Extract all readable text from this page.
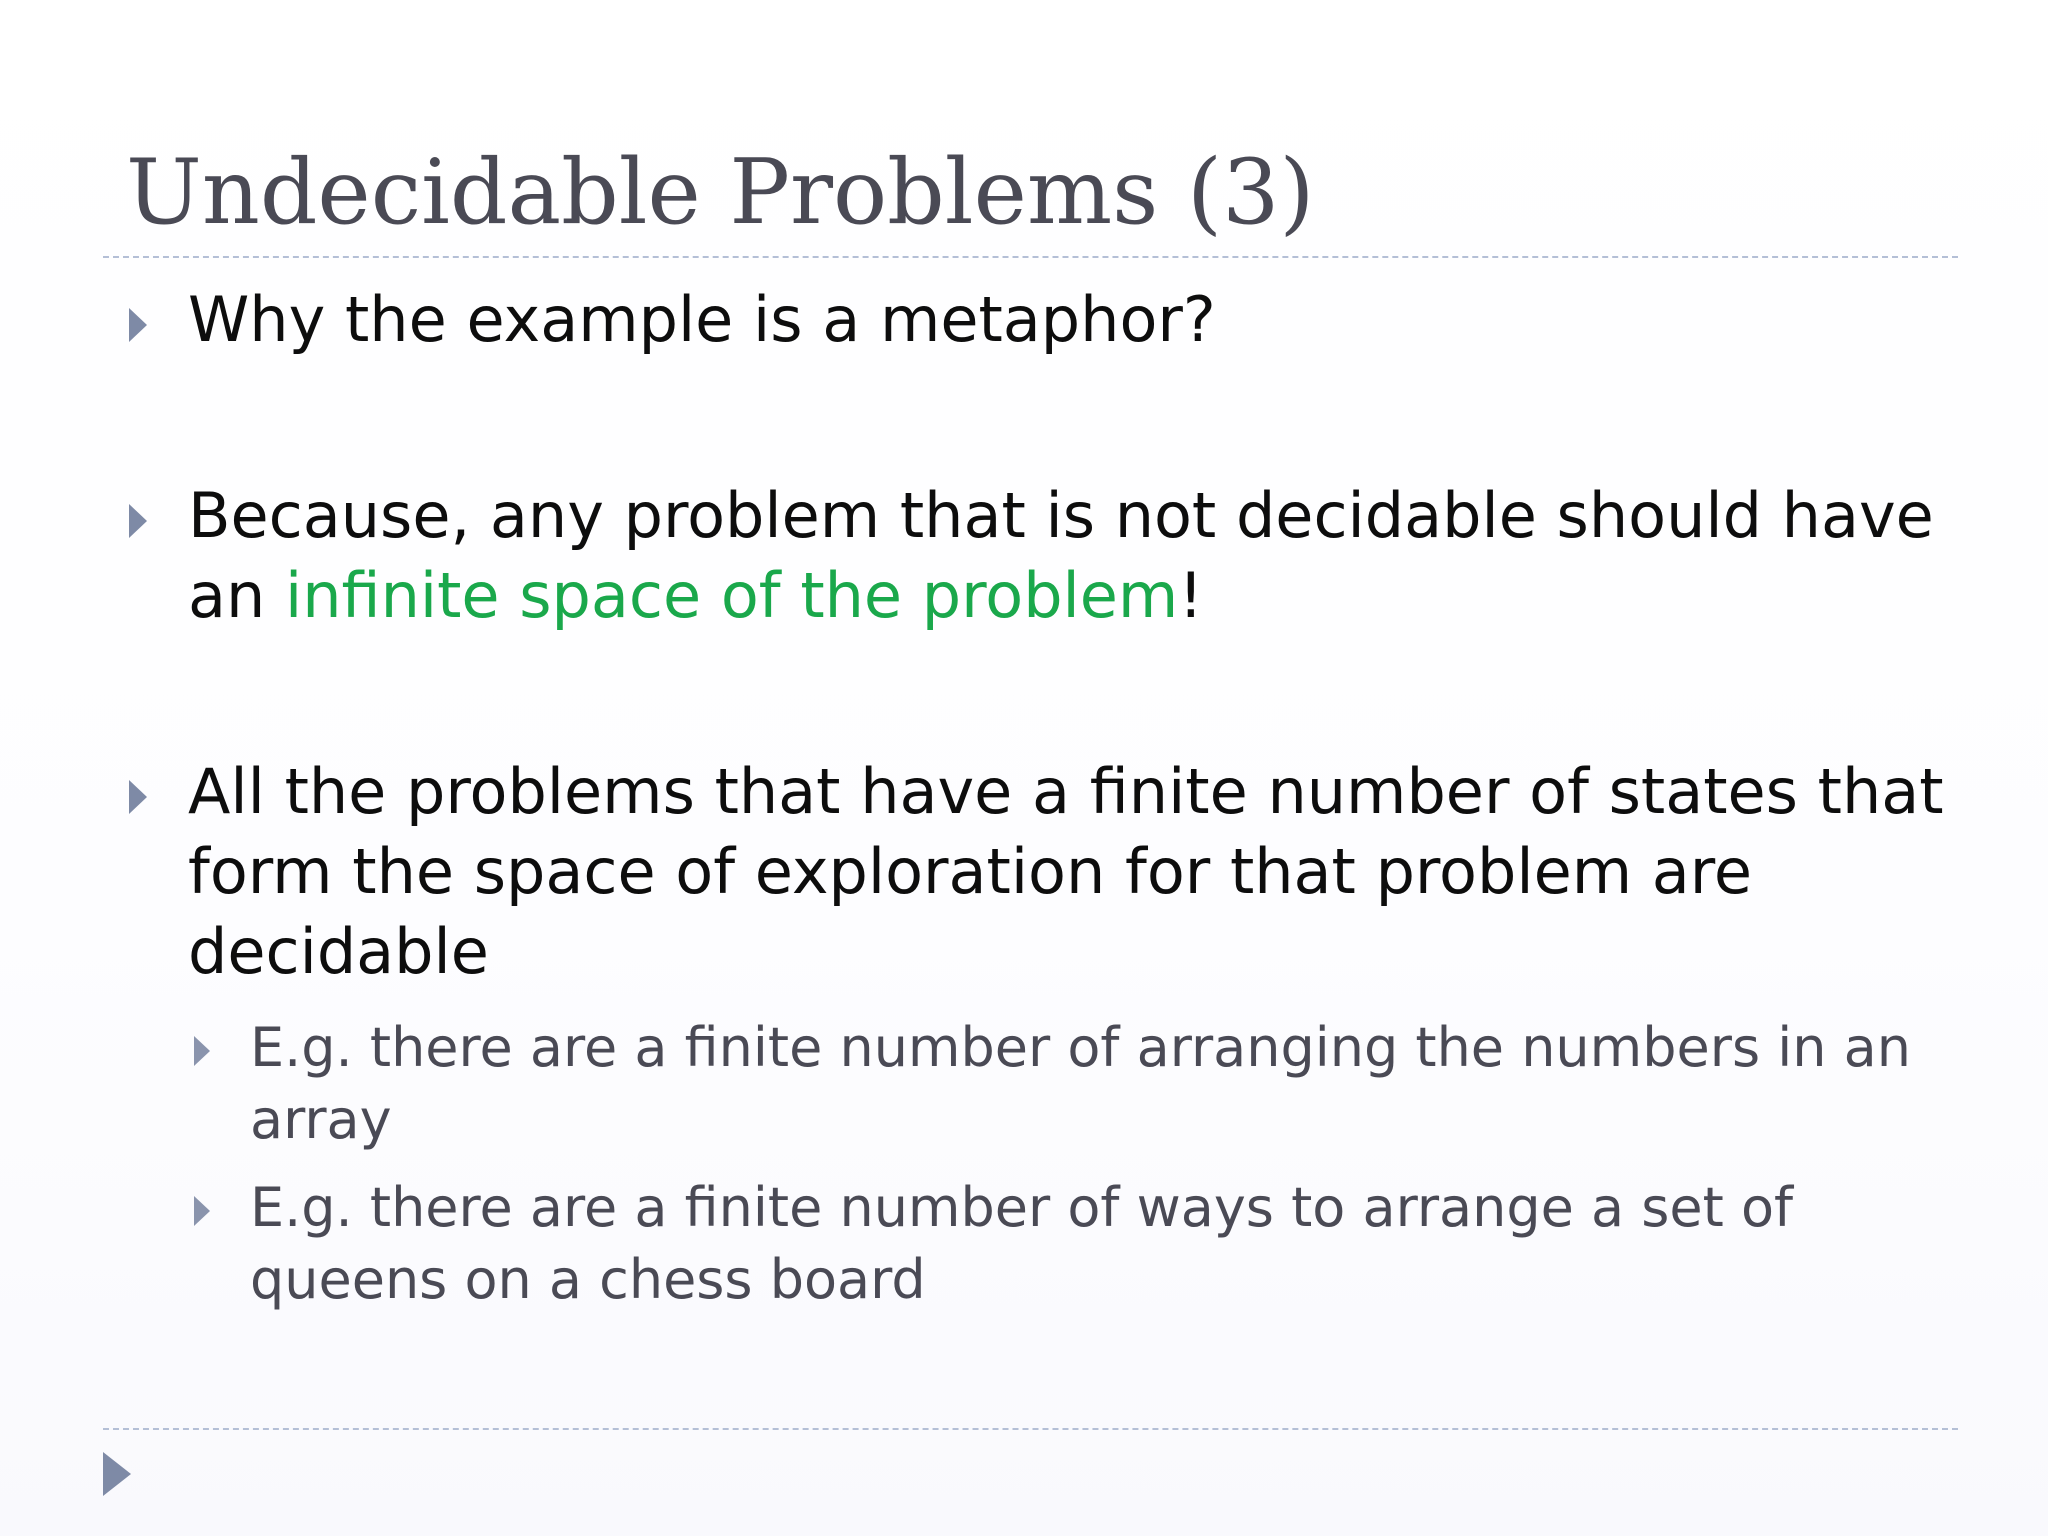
Undecidable Problems (3)

Why the example is a metaphor?

Because, any problem that is not decidable should have an infinite space of the problem!

All the problems that have a finite number of states that form the space of exploration for that problem are decidable

E.g. there are a finite number of arranging the numbers in an array

E.g. there are a finite number of ways to arrange a set of queens on a chess board
